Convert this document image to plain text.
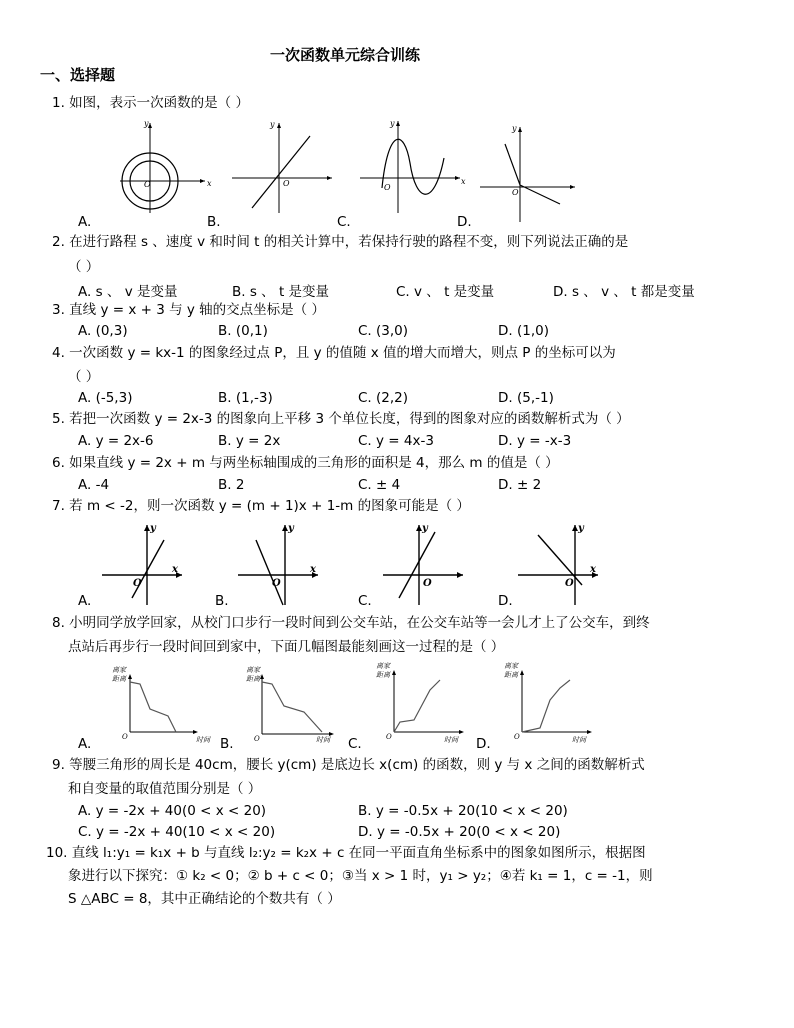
一次函数单元综合训练
一、选择题
1. 如图，表示一次函数的是（ ）
O	x
y
O
y
O
y
x
O
y
A.	B.	C.	D.
2. 在进行路程 s 、速度 v 和时间 t 的相关计算中，若保持行驶的路程不变，则下列说法正确的是
（ ）
A. s 、 v 是变量	B. s 、 t 是变量	C. v 、 t 是变量	D. s 、 v 、 t 都是变量
3. 直线 y = x + 3 与 y 轴的交点坐标是（ ）
A. (0,3)	B. (0,1)	C. (3,0)	D. (1,0)
4. 一次函数 y = kx-1 的图象经过点 P，且 y 的值随 x 值的增大而增大，则点 P 的坐标可以为
（ ）
A. (-5,3)	B. (1,-3)	C. (2,2)	D. (5,-1)
5. 若把一次函数 y = 2x-3 的图象向上平移 3 个单位长度，得到的图象对应的函数解析式为（ ）
A. y = 2x-6	B. y = 2x	C. y = 4x-3	D. y = -x-3
6. 如果直线 y = 2x + m 与两坐标轴围成的三角形的面积是 4，那么 m 的值是（ ）
A. -4	B. 2	C. ± 4	D. ± 2
7. 若 m < -2，则一次函数 y = (m + 1)x + 1-m 的图象可能是（ ）
O
x
y
O
x
y
O
y
O
x
y
A.	B.	C.	D.
8. 小明同学放学回家，从校门口步行一段时间到公交车站，在公交车站等一会儿才上了公交车，到终
点站后再步行一段时间回到家中，下面几幅图最能刻画这一过程的是（ ）
离家
距离
O	时间
离家
距离
O	时间
离家
距离
O	时间
离家
距离
O	时间
A.	B.	C.	D.
9. 等腰三角形的周长是 40cm，腰长 y(cm) 是底边长 x(cm) 的函数，则 y 与 x 之间的函数解析式
和自变量的取值范围分别是（ ）
A. y = -2x + 40(0 < x < 20)	B. y = -0.5x + 20(10 < x < 20)
C. y = -2x + 40(10 < x < 20)	D. y = -0.5x + 20(0 < x < 20)
10. 直线 l₁:y₁ = k₁x + b 与直线 l₂:y₂ = k₂x + c 在同一平面直角坐标系中的图象如图所示，根据图
象进行以下探究：① k₂ < 0；② b + c < 0；③当 x > 1 时，y₁ > y₂；④若 k₁ = 1，c = -1，则
S △ABC = 8，其中正确结论的个数共有（ ）
